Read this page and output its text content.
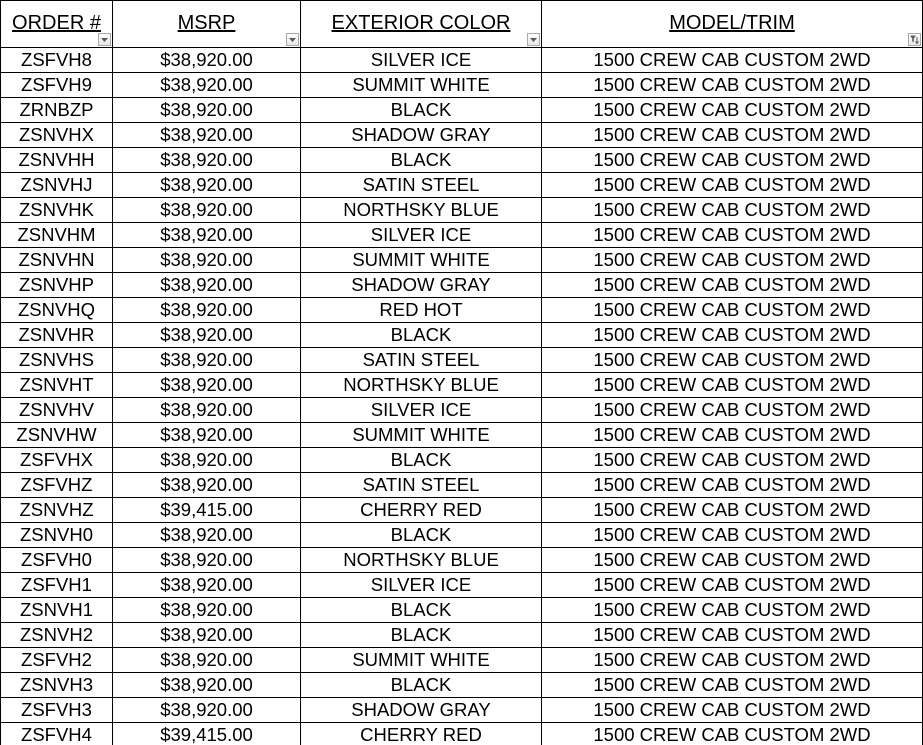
ORDER #	MSRP	EXTERIOR COLOR	MODEL/TRIM

ZSFVH8	$38,920.00	SILVER ICE	1500 CREW CAB CUSTOM 2WD
ZSFVH9	$38,920.00	SUMMIT WHITE	1500 CREW CAB CUSTOM 2WD
ZRNBZP	$38,920.00	BLACK	1500 CREW CAB CUSTOM 2WD
ZSNVHX	$38,920.00	SHADOW GRAY	1500 CREW CAB CUSTOM 2WD
ZSNVHH	$38,920.00	BLACK	1500 CREW CAB CUSTOM 2WD
ZSNVHJ	$38,920.00	SATIN STEEL	1500 CREW CAB CUSTOM 2WD
ZSNVHK	$38,920.00	NORTHSKY BLUE	1500 CREW CAB CUSTOM 2WD
ZSNVHM	$38,920.00	SILVER ICE	1500 CREW CAB CUSTOM 2WD
ZSNVHN	$38,920.00	SUMMIT WHITE	1500 CREW CAB CUSTOM 2WD
ZSNVHP	$38,920.00	SHADOW GRAY	1500 CREW CAB CUSTOM 2WD
ZSNVHQ	$38,920.00	RED HOT	1500 CREW CAB CUSTOM 2WD
ZSNVHR	$38,920.00	BLACK	1500 CREW CAB CUSTOM 2WD
ZSNVHS	$38,920.00	SATIN STEEL	1500 CREW CAB CUSTOM 2WD
ZSNVHT	$38,920.00	NORTHSKY BLUE	1500 CREW CAB CUSTOM 2WD
ZSNVHV	$38,920.00	SILVER ICE	1500 CREW CAB CUSTOM 2WD
ZSNVHW	$38,920.00	SUMMIT WHITE	1500 CREW CAB CUSTOM 2WD
ZSFVHX	$38,920.00	BLACK	1500 CREW CAB CUSTOM 2WD
ZSFVHZ	$38,920.00	SATIN STEEL	1500 CREW CAB CUSTOM 2WD
ZSNVHZ	$39,415.00	CHERRY RED	1500 CREW CAB CUSTOM 2WD
ZSNVH0	$38,920.00	BLACK	1500 CREW CAB CUSTOM 2WD
ZSFVH0	$38,920.00	NORTHSKY BLUE	1500 CREW CAB CUSTOM 2WD
ZSFVH1	$38,920.00	SILVER ICE	1500 CREW CAB CUSTOM 2WD
ZSNVH1	$38,920.00	BLACK	1500 CREW CAB CUSTOM 2WD
ZSNVH2	$38,920.00	BLACK	1500 CREW CAB CUSTOM 2WD
ZSFVH2	$38,920.00	SUMMIT WHITE	1500 CREW CAB CUSTOM 2WD
ZSNVH3	$38,920.00	BLACK	1500 CREW CAB CUSTOM 2WD
ZSFVH3	$38,920.00	SHADOW GRAY	1500 CREW CAB CUSTOM 2WD
ZSFVH4	$39,415.00	CHERRY RED	1500 CREW CAB CUSTOM 2WD
